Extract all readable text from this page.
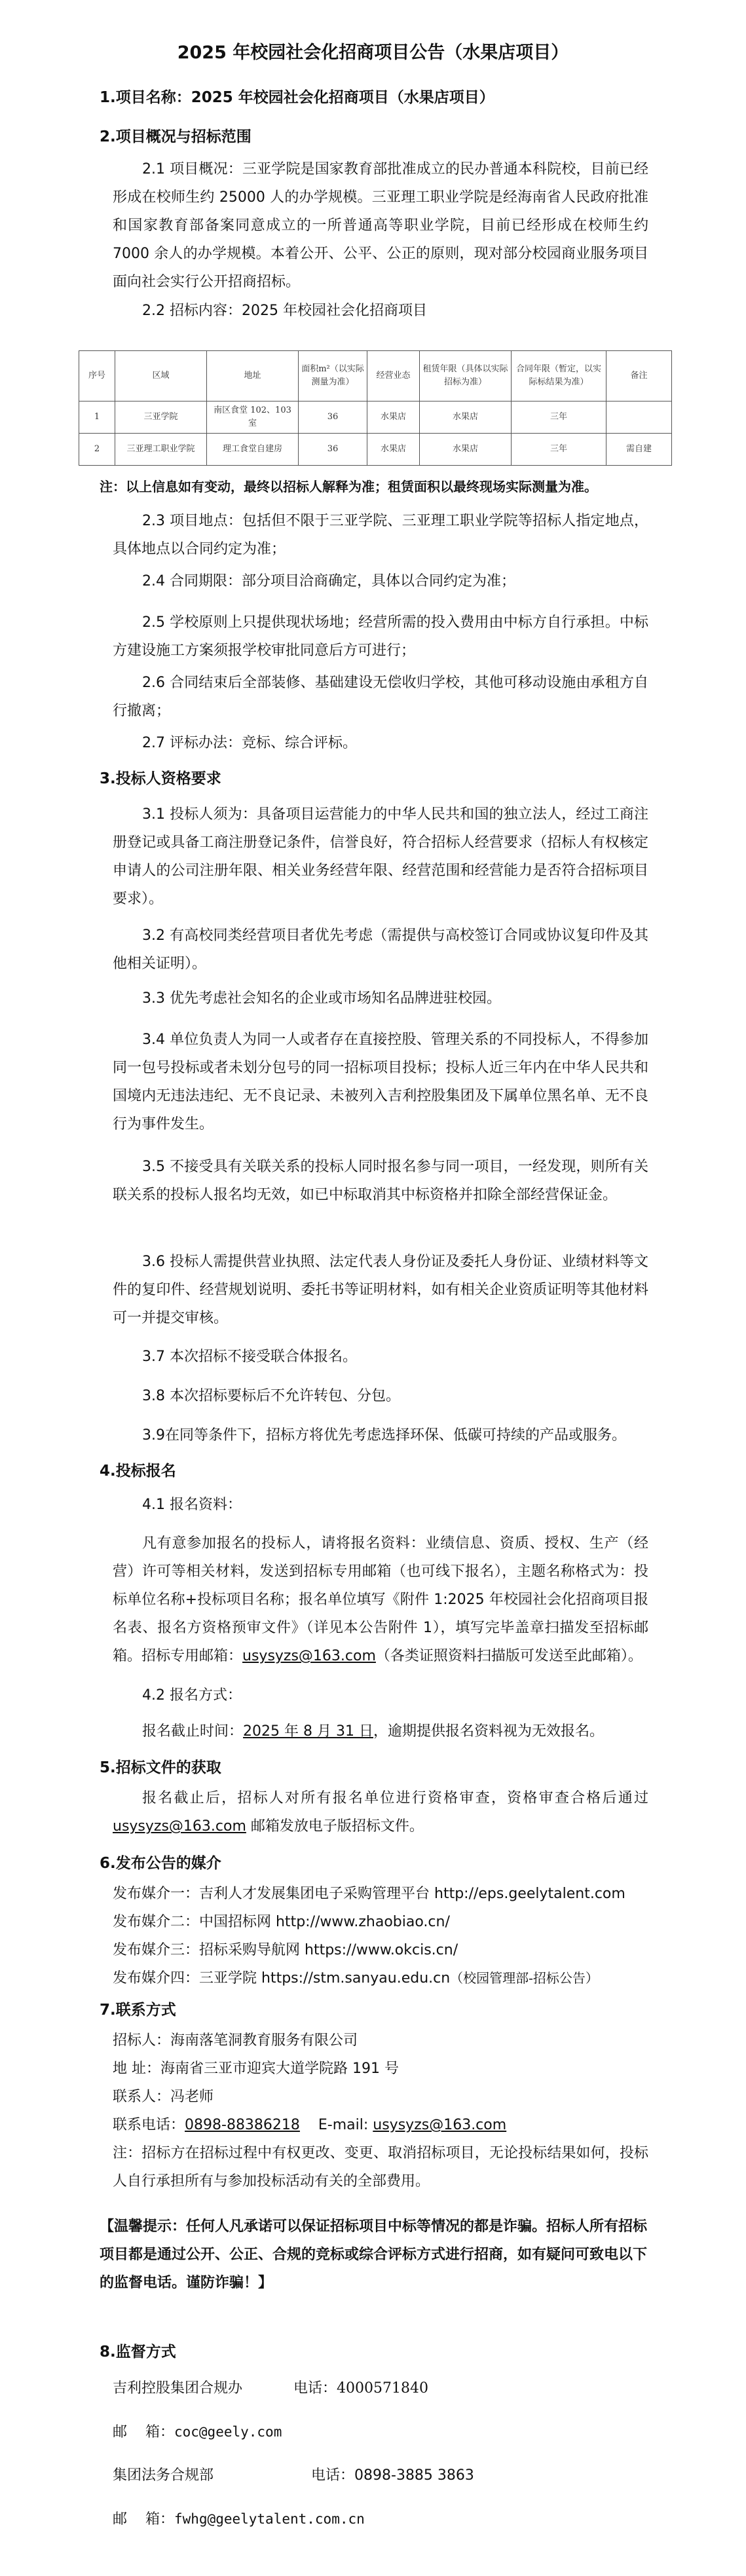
2025 年校园社会化招商项目公告（水果店项目）
1.项目名称：2025 年校园社会化招商项目（水果店项目）
2.项目概况与招标范围
2.1 项目概况：三亚学院是国家教育部批准成立的民办普通本科院校，目前已经形成在校师生约 25000 人的办学规模。三亚理工职业学院是经海南省人民政府批准和国家教育部备案同意成立的一所普通高等职业学院，目前已经形成在校师生约 7000 余人的办学规模。本着公开、公平、公正的原则，现对部分校园商业服务项目面向社会实行公开招商招标。
2.2 招标内容：2025 年校园社会化招商项目
序号	区域	地址	面积m²（以实际测量为准）	经营业态	租赁年限（具体以实际招标为准）	合同年限（暂定，以实际标结果为准）	备注
1	三亚学院	南区食堂 102、103 室	36	水果店	水果店	三年	
2	三亚理工职业学院	理工食堂自建房	36	水果店	水果店	三年	需自建
注：以上信息如有变动，最终以招标人解释为准；租赁面积以最终现场实际测量为准。
2.3 项目地点：包括但不限于三亚学院、三亚理工职业学院等招标人指定地点，具体地点以合同约定为准；
2.4 合同期限：部分项目洽商确定，具体以合同约定为准；
2.5 学校原则上只提供现状场地；经营所需的投入费用由中标方自行承担。中标方建设施工方案须报学校审批同意后方可进行；
2.6 合同结束后全部装修、基础建设无偿收归学校，其他可移动设施由承租方自行撤离；
2.7 评标办法：竞标、综合评标。
3.投标人资格要求
3.1 投标人须为：具备项目运营能力的中华人民共和国的独立法人，经过工商注册登记或具备工商注册登记条件，信誉良好，符合招标人经营要求（招标人有权核定申请人的公司注册年限、相关业务经营年限、经营范围和经营能力是否符合招标项目要求）。
3.2 有高校同类经营项目者优先考虑（需提供与高校签订合同或协议复印件及其他相关证明）。
3.3 优先考虑社会知名的企业或市场知名品牌进驻校园。
3.4 单位负责人为同一人或者存在直接控股、管理关系的不同投标人，不得参加同一包号投标或者未划分包号的同一招标项目投标；投标人近三年内在中华人民共和国境内无违法违纪、无不良记录、未被列入吉利控股集团及下属单位黑名单、无不良行为事件发生。
3.5 不接受具有关联关系的投标人同时报名参与同一项目，一经发现，则所有关联关系的投标人报名均无效，如已中标取消其中标资格并扣除全部经营保证金。
3.6 投标人需提供营业执照、法定代表人身份证及委托人身份证、业绩材料等文件的复印件、经营规划说明、委托书等证明材料，如有相关企业资质证明等其他材料可一并提交审核。
3.7 本次招标不接受联合体报名。
3.8 本次招标要标后不允许转包、分包。
3.9在同等条件下，招标方将优先考虑选择环保、低碳可持续的产品或服务。
4.投标报名
4.1 报名资料：
凡有意参加报名的投标人，请将报名资料：业绩信息、资质、授权、生产（经营）许可等相关材料，发送到招标专用邮箱（也可线下报名），主题名称格式为：投标单位名称+投标项目名称；报名单位填写《附件 1:2025 年校园社会化招商项目报名表、报名方资格预审文件》（详见本公告附件 1），填写完毕盖章扫描发至招标邮箱。招标专用邮箱：usysyzs@163.com（各类证照资料扫描版可发送至此邮箱）。
4.2 报名方式：
报名截止时间：2025 年 8 月 31 日，逾期提供报名资料视为无效报名。
5.招标文件的获取
报名截止后，招标人对所有报名单位进行资格审查，资格审查合格后通过 usysyzs@163.com 邮箱发放电子版招标文件。
6.发布公告的媒介
发布媒介一：吉利人才发展集团电子采购管理平台 http://eps.geelytalent.com
发布媒介二：中国招标网 http://www.zhaobiao.cn/
发布媒介三：招标采购导航网 https://www.okcis.cn/
发布媒介四：三亚学院 https://stm.sanyau.edu.cn（校园管理部-招标公告）
7.联系方式
招标人：海南落笔洞教育服务有限公司
地 址：海南省三亚市迎宾大道学院路 191 号
联系人：冯老师
联系电话：0898-88386218    E-mail: usysyzs@163.com
注：招标方在招标过程中有权更改、变更、取消招标项目，无论投标结果如何，投标人自行承担所有与参加投标活动有关的全部费用。
【温馨提示：任何人凡承诺可以保证招标项目中标等情况的都是诈骗。招标人所有招标项目都是通过公开、公正、合规的竞标或综合评标方式进行招商，如有疑问可致电以下的监督电话。谨防诈骗！】
8.监督方式
吉利控股集团合规办	电话：4000571840
邮    箱：coc@geely.com
集团法务合规部	电话：0898-3885 3863
邮    箱：fwhg@geelytalent.com.cn
